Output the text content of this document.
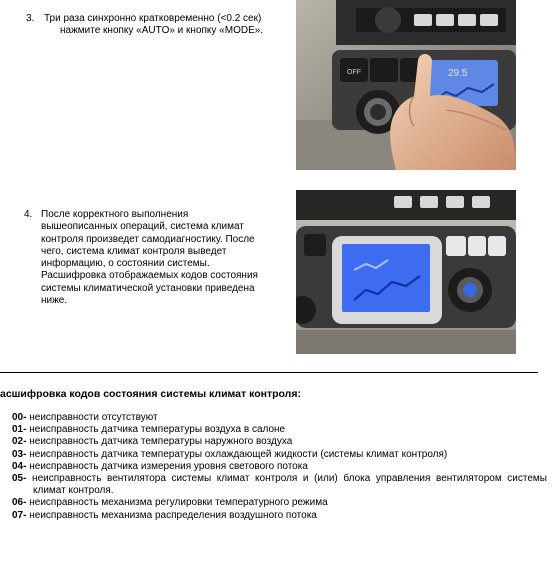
3. Три раза синхронно кратковременно (<0.2 сек)
нажмите кнопку «AUTO» и кнопку «MODE».
OFF	29.5
4. После корректного выполнения
вышеописанных операций, система климат
контроля произведет самодиагностику. После
чего, система климат контроля выведет
информацию, о состоянии системы.
Расшифровка отображаемых кодов состояния
системы климатической установки приведена
ниже.
асшифровка кодов состояния системы климат контроля:
00- неисправности отсутствуют
01- неисправность датчика температуры воздуха в салоне
02- неисправность датчика температуры наружного воздуха
03- неисправность датчика температуры охлаждающей жидкости (системы климат контроля)
04- неисправность датчика измерения уровня светового потока
05- неисправность вентилятора системы климат контроля и (или) блока управления вентилятором системы климат контроля.
06- неисправность механизма регулировки температурного режима
07- неисправность механизма распределения воздушного потока
